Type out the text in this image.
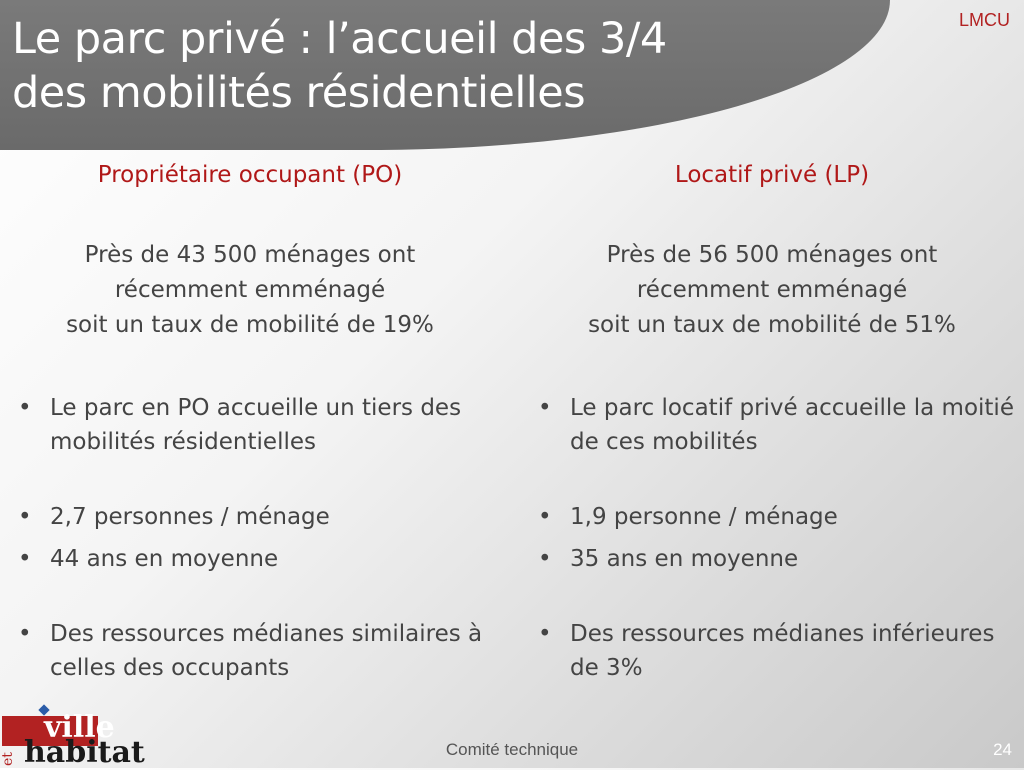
Le parc privé : l’accueil des 3/4
des mobilités résidentielles
LMCU
Propriétaire occupant (PO)

Près de 43 500 ménages ont
récemment emménagé
soit un taux de mobilité de 19%

• Le parc en PO accueille un tiers des mobilités résidentielles
• 2,7 personnes / ménage
• 44 ans en moyenne
• Des ressources médianes similaires à celles des occupants
Locatif privé (LP)

Près de 56 500 ménages ont
récemment emménagé
soit un taux de mobilité de 51%

• Le parc locatif privé accueille la moitié de ces mobilités
• 1,9 personne / ménage
• 35 ans en moyenne
• Des ressources médianes inférieures de 3%
ville
et habitat	Comité technique	24
